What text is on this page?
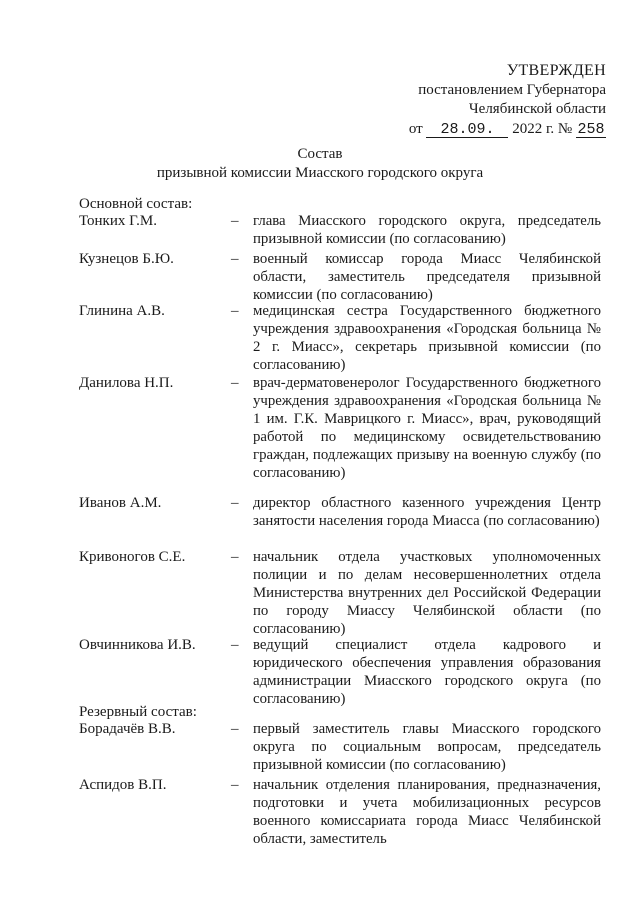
УТВЕРЖДЕН
постановлением Губернатора
Челябинской области
от 28.09. 2022 г. № 258
Состав
призывной комиссии Миасского городского округа
Основной состав:
Тонких Г.М.	– глава Миасского городского округа, председатель призывной комиссии (по согласованию)
Кузнецов Б.Ю.	– военный комиссар города Миасс Челябинской области, заместитель председателя призывной комиссии (по согласованию)
Глинина А.В.	– медицинская сестра Государственного бюджетного учреждения здравоохранения «Городская больница № 2 г. Миасс», секретарь призывной комиссии (по согласованию)
Данилова Н.П.	– врач-дерматовенеролог Государственного бюджетного учреждения здравоохранения «Городская больница № 1 им. Г.К. Маврицкого г. Миасс», врач, руководящий работой по медицинскому освидетельствованию граждан, подлежащих призыву на военную службу (по согласованию)
Иванов А.М.	– директор областного казенного учреждения Центр занятости населения города Миасса (по согласованию)
Кривоногов С.Е.	– начальник отдела участковых уполномоченных полиции и по делам несовершеннолетних отдела Министерства внутренних дел Российской Федерации по городу Миассу Челябинской области (по согласованию)
Овчинникова И.В.	– ведущий специалист отдела кадрового и юридического обеспечения управления образования администрации Миасского городского округа (по согласованию)
Резервный состав:
Борадачёв В.В.	– первый заместитель главы Миасского городского округа по социальным вопросам, председатель призывной комиссии (по согласованию)
Аспидов В.П.	– начальник отделения планирования, предназначения, подготовки и учета мобилизационных ресурсов военного комиссариата города Миасс Челябинской области, заместитель
